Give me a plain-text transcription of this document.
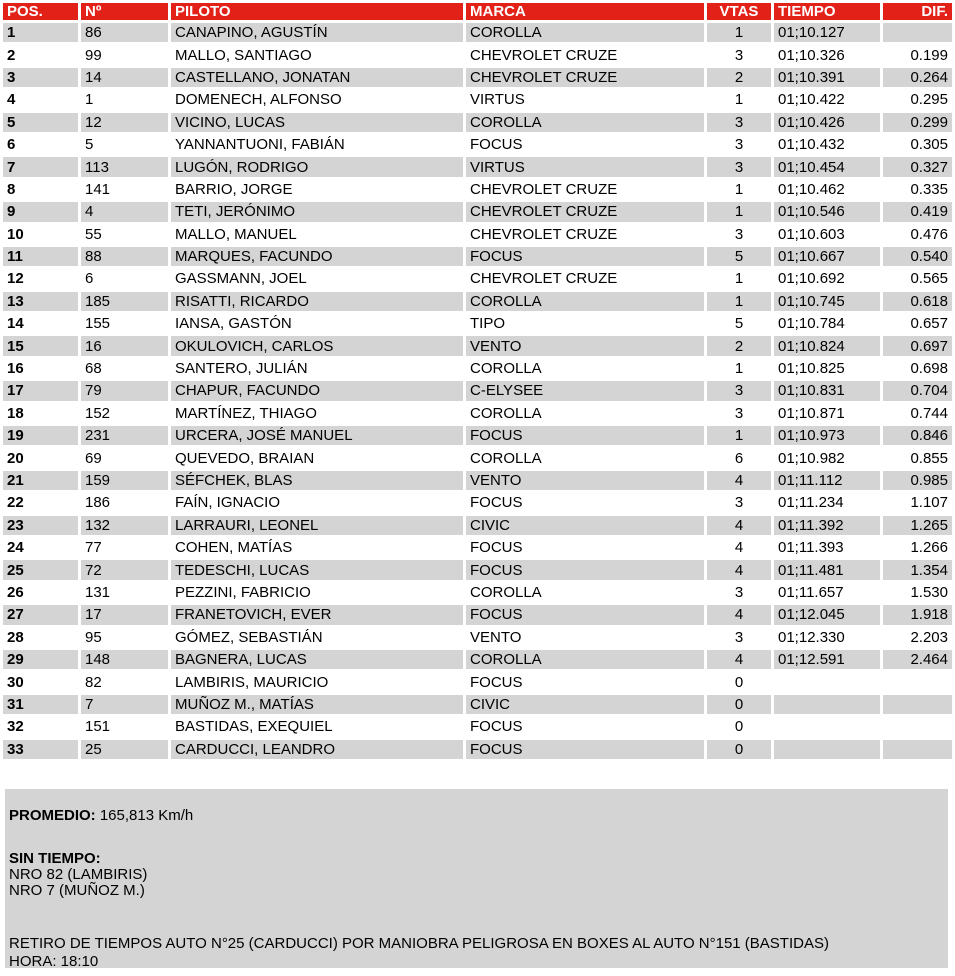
POS.	Nº	PILOTO	MARCA	VTAS	TIEMPO	DIF.
1	86	CANAPINO, AGUSTÍN	COROLLA	1	01;10.127	
2	99	MALLO, SANTIAGO	CHEVROLET CRUZE	3	01;10.326	0.199
3	14	CASTELLANO, JONATAN	CHEVROLET CRUZE	2	01;10.391	0.264
4	1	DOMENECH, ALFONSO	VIRTUS	1	01;10.422	0.295
5	12	VICINO, LUCAS	COROLLA	3	01;10.426	0.299
6	5	YANNANTUONI, FABIÁN	FOCUS	3	01;10.432	0.305
7	113	LUGÓN, RODRIGO	VIRTUS	3	01;10.454	0.327
8	141	BARRIO, JORGE	CHEVROLET CRUZE	1	01;10.462	0.335
9	4	TETI, JERÓNIMO	CHEVROLET CRUZE	1	01;10.546	0.419
10	55	MALLO, MANUEL	CHEVROLET CRUZE	3	01;10.603	0.476
11	88	MARQUES, FACUNDO	FOCUS	5	01;10.667	0.540
12	6	GASSMANN, JOEL	CHEVROLET CRUZE	1	01;10.692	0.565
13	185	RISATTI, RICARDO	COROLLA	1	01;10.745	0.618
14	155	IANSA, GASTÓN	TIPO	5	01;10.784	0.657
15	16	OKULOVICH, CARLOS	VENTO	2	01;10.824	0.697
16	68	SANTERO, JULIÁN	COROLLA	1	01;10.825	0.698
17	79	CHAPUR, FACUNDO	C-ELYSEE	3	01;10.831	0.704
18	152	MARTÍNEZ, THIAGO	COROLLA	3	01;10.871	0.744
19	231	URCERA, JOSÉ MANUEL	FOCUS	1	01;10.973	0.846
20	69	QUEVEDO, BRAIAN	COROLLA	6	01;10.982	0.855
21	159	SÉFCHEK, BLAS	VENTO	4	01;11.112	0.985
22	186	FAÍN, IGNACIO	FOCUS	3	01;11.234	1.107
23	132	LARRAURI, LEONEL	CIVIC	4	01;11.392	1.265
24	77	COHEN, MATÍAS	FOCUS	4	01;11.393	1.266
25	72	TEDESCHI, LUCAS	FOCUS	4	01;11.481	1.354
26	131	PEZZINI, FABRICIO	COROLLA	3	01;11.657	1.530
27	17	FRANETOVICH, EVER	FOCUS	4	01;12.045	1.918
28	95	GÓMEZ, SEBASTIÁN	VENTO	3	01;12.330	2.203
29	148	BAGNERA, LUCAS	COROLLA	4	01;12.591	2.464
30	82	LAMBIRIS, MAURICIO	FOCUS	0		
31	7	MUÑOZ M., MATÍAS	CIVIC	0		
32	151	BASTIDAS, EXEQUIEL	FOCUS	0		
33	25	CARDUCCI, LEANDRO	FOCUS	0		

PROMEDIO: 165,813 Km/h

SIN TIEMPO:

NRO 82 (LAMBIRIS)

NRO 7 (MUÑOZ M.)

RETIRO DE TIEMPOS AUTO N°25 (CARDUCCI) POR MANIOBRA PELIGROSA EN BOXES AL AUTO N°151 (BASTIDAS)

HORA: 18:10
